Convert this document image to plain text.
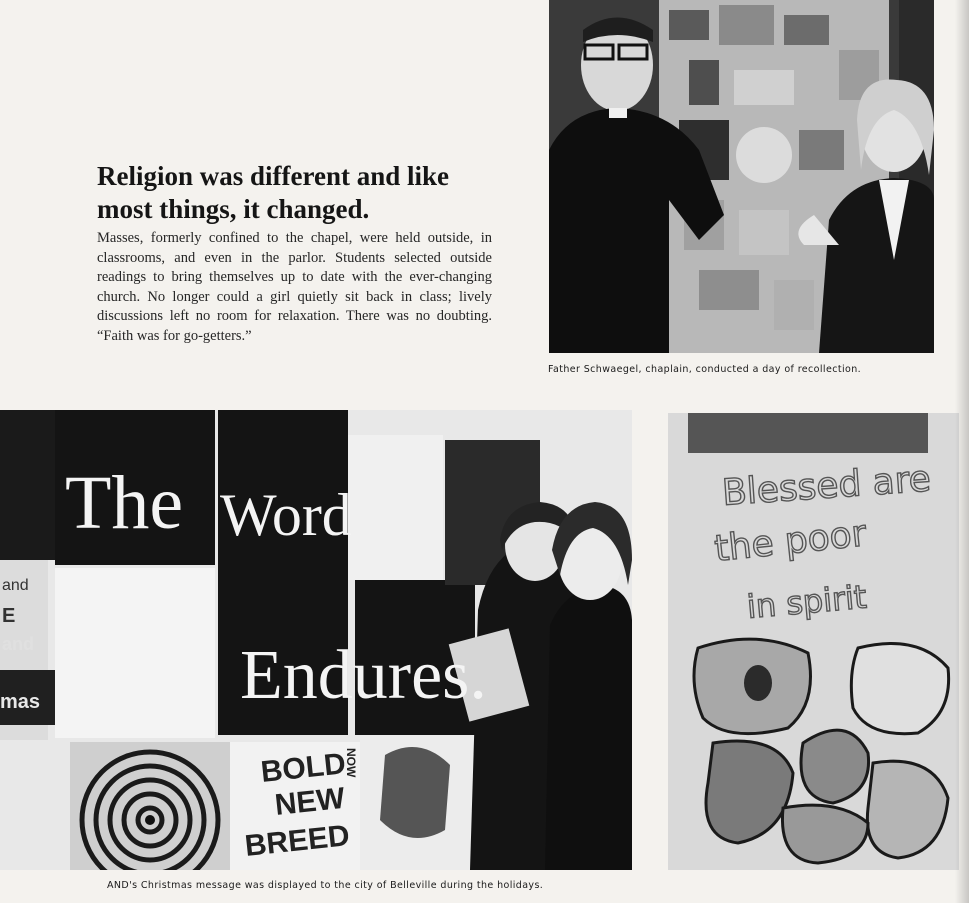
Religion was different and like most things, it changed.

Masses, formerly confined to the chapel, were held outside, in classrooms, and even in the parlor. Students selected outside readings to bring themselves up to date with the ever-changing church. No longer could a girl quietly sit back in class; lively discussions left no room for relaxation. There was no doubting. “Faith was for go-getters.”

Father Schwaegel, chaplain, conducted a day of recollection.

The Word
Endures.
BOLD
NEW
BREED
NOW
and
E
and
mas

AND's Christmas message was displayed to the city of Belleville during the holidays.

Blessed are
the poor
in spirit
